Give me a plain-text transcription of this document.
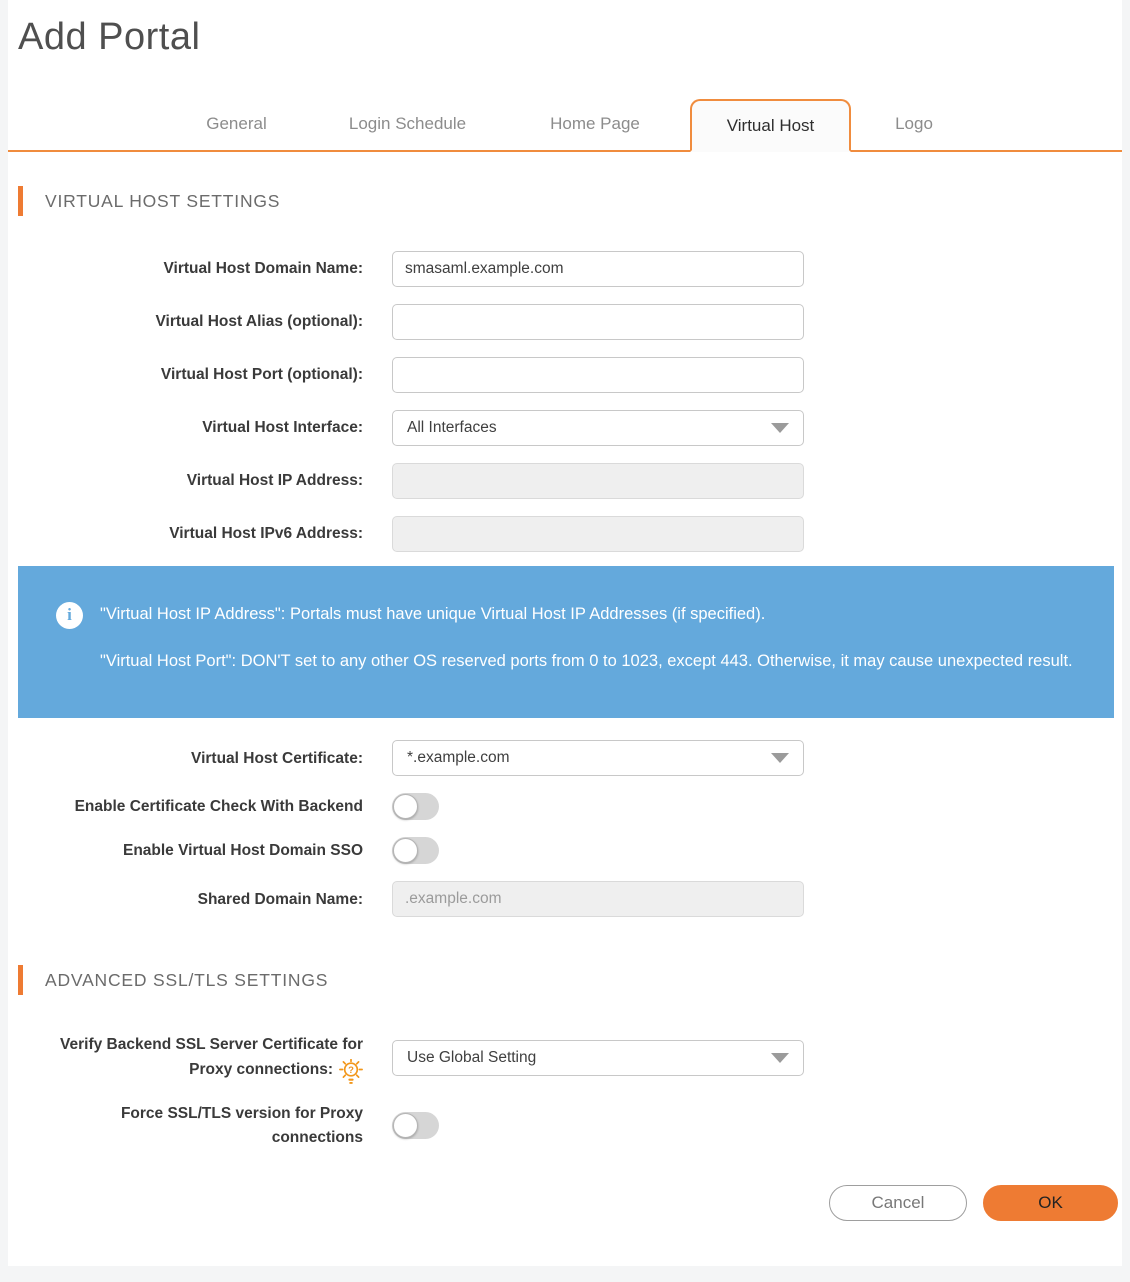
Add Portal
General	Login Schedule	Home Page	Virtual Host	Logo
VIRTUAL HOST SETTINGS
Virtual Host Domain Name:
smasaml.example.com
Virtual Host Alias (optional):
Virtual Host Port (optional):
Virtual Host Interface:	All Interfaces
Virtual Host IP Address:
Virtual Host IPv6 Address:
i	"Virtual Host IP Address": Portals must have unique Virtual Host IP Addresses (if specified).

"Virtual Host Port": DON'T set to any other OS reserved ports from 0 to 1023, except 443. Otherwise, it may cause unexpected result.

Virtual Host Certificate:	*.example.com
Enable Certificate Check With Backend
Enable Virtual Host Domain SSO
Shared Domain Name:
.example.com
ADVANCED SSL/TLS SETTINGS
Verify Backend SSL Server Certificate for

Proxy connections: ?
Use Global Setting
Force SSL/TLS version for Proxy
connections
Cancel	OK
